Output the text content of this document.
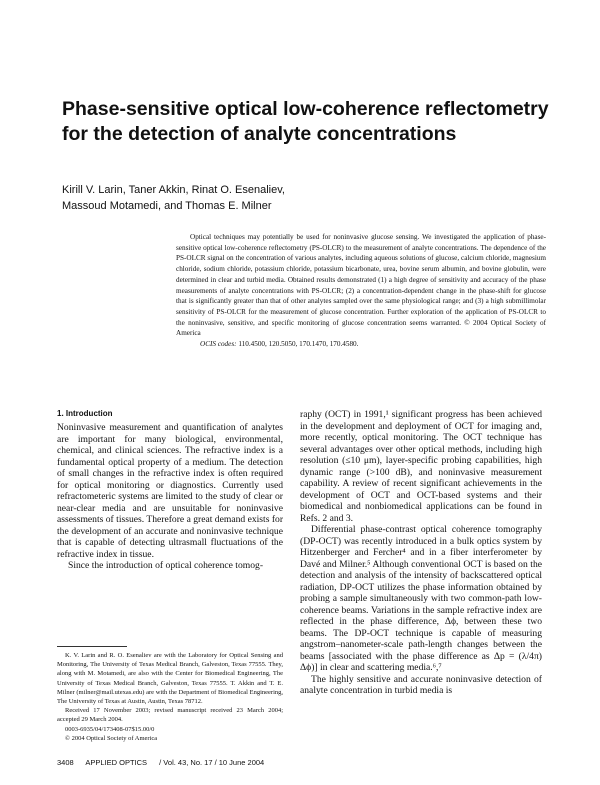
Phase-sensitive optical low-coherence reflectometry for the detection of analyte concentrations
Kirill V. Larin, Taner Akkin, Rinat O. Esenaliev,
Massoud Motamedi, and Thomas E. Milner

Optical techniques may potentially be used for noninvasive glucose sensing. We investigated the application of phase-sensitive optical low-coherence reflectometry (PS-OLCR) to the measurement of analyte concentrations. The dependence of the PS-OLCR signal on the concentration of various analytes, including aqueous solutions of glucose, calcium chloride, magnesium chloride, sodium chloride, potassium chloride, potassium bicarbonate, urea, bovine serum albumin, and bovine globulin, were determined in clear and turbid media. Obtained results demonstrated (1) a high degree of sensitivity and accuracy of the phase measurements of analyte concentrations with PS-OLCR; (2) a concentration-dependent change in the phase-shift for glucose that is significantly greater than that of other analytes sampled over the same physiological range; and (3) a high submillimolar sensitivity of PS-OLCR for the measurement of glucose concentration. Further exploration of the application of PS-OLCR to the noninvasive, sensitive, and specific monitoring of glucose concentration seems warranted. © 2004 Optical Society of America

OCIS codes: 110.4500, 120.5050, 170.1470, 170.4580.
1. Introduction

Noninvasive measurement and quantification of analytes are important for many biological, environmental, chemical, and clinical sciences. The refractive index is a fundamental optical property of a medium. The detection of small changes in the refractive index is often required for optical monitoring or diagnostics. Currently used refractometeric systems are limited to the study of clear or near-clear media and are unsuitable for noninvasive assessments of tissues. Therefore a great demand exists for the development of an accurate and noninvasive technique that is capable of detecting ultrasmall fluctuations of the refractive index in tissue.

Since the introduction of optical coherence tomog-

K. V. Larin and R. O. Esenaliev are with the Laboratory for Optical Sensing and Monitoring, The University of Texas Medical Branch, Galveston, Texas 77555. They, along with M. Motamedi, are also with the Center for Biomedical Engineering, The University of Texas Medical Branch, Galveston, Texas 77555. T. Akkin and T. E. Milner (milner@mail.utexas.edu) are with the Department of Biomedical Engineering, The University of Texas at Austin, Austin, Texas 78712.

Received 17 November 2003; revised manuscript received 23 March 2004; accepted 29 March 2004.

0003-6935/04/173408-07$15.00/0

© 2004 Optical Society of America

raphy (OCT) in 1991,¹ significant progress has been achieved in the development and deployment of OCT for imaging and, more recently, optical monitoring. The OCT technique has several advantages over other optical methods, including high resolution (≤10 μm), layer-specific probing capabilities, high dynamic range (>100 dB), and noninvasive measurement capability. A review of recent significant achievements in the development of OCT and OCT-based systems and their biomedical and nonbiomedical applications can be found in Refs. 2 and 3.

Differential phase-contrast optical coherence tomography (DP-OCT) was recently introduced in a bulk optics system by Hitzenberger and Fercher⁴ and in a fiber interferometer by Davé and Milner.⁵ Although conventional OCT is based on the detection and analysis of the intensity of backscattered optical radiation, DP-OCT utilizes the phase information obtained by probing a sample simultaneously with two common-path low-coherence beams. Variations in the sample refractive index are reflected in the phase difference, Δϕ, between these two beams. The DP-OCT technique is capable of measuring angstrom–nanometer-scale path-length changes between the beams [associated with the phase difference as Δp = (λ/4π) Δϕ)] in clear and scattering media.⁶,⁷

The highly sensitive and accurate noninvasive detection of analyte concentration in turbid media is

3408 APPLIED OPTICS / Vol. 43, No. 17 / 10 June 2004
